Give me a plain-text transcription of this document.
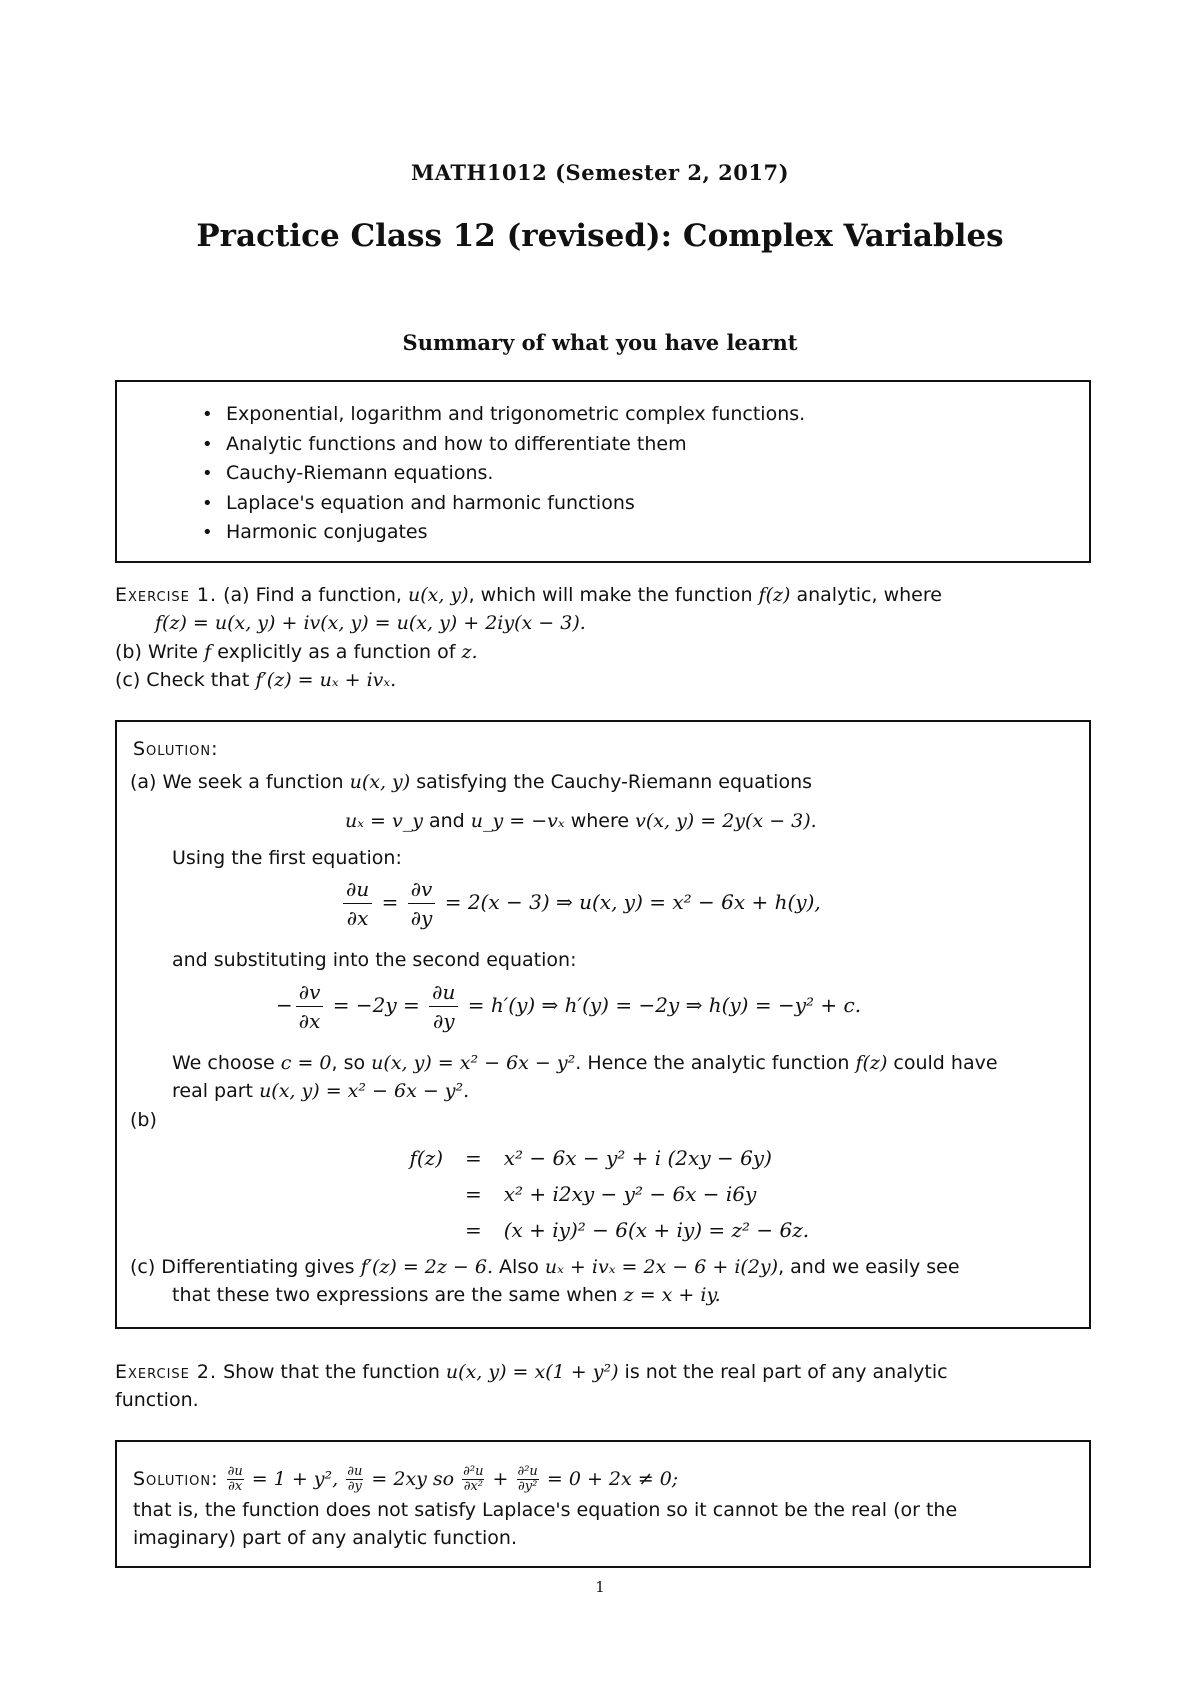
MATH1012 (Semester 2, 2017)
Practice Class 12 (revised): Complex Variables
Summary of what you have learnt
• Exponential, logarithm and trigonometric complex functions.
• Analytic functions and how to differentiate them
• Cauchy-Riemann equations.
• Laplace's equation and harmonic functions
• Harmonic conjugates
Exercise 1. (a) Find a function, u(x, y), which will make the function f(z) analytic, where
f(z) = u(x, y) + iv(x, y) = u(x, y) + 2iy(x − 3).
(b) Write f explicitly as a function of z.
(c) Check that f′(z) = uₓ + ivₓ.
Solution:
(a) We seek a function u(x, y) satisfying the Cauchy-Riemann equations
uₓ = v_y and u_y = −vₓ where v(x, y) = 2y(x − 3).
Using the first equation:
$\frac{\partial u}{\partial x} = \frac{\partial v}{\partial y} = 2(x - 3)$ ⇒ u(x, y) = x² − 6x + h(y),
and substituting into the second equation:
− $\frac{\partial v}{\partial x} = -2y = \frac{\partial u}{\partial y} = h'(y)$ ⇒ h′(y) = −2y ⇒ h(y) = −y² + c.
We choose c = 0, so u(x, y) = x² − 6x − y². Hence the analytic function f(z) could have
real part u(x, y) = x² − 6x − y².
(b)
f(z) = x² − 6x − y² + i (2xy − 6y)
= x² + i2xy − y² − 6x − i6y
= (x + iy)² − 6(x + iy) = z² − 6z.
(c) Differentiating gives f′(z) = 2z − 6. Also uₓ + ivₓ = 2x − 6 + i(2y), and we easily see
that these two expressions are the same when z = x + iy.
Exercise 2. Show that the function u(x, y) = x(1 + y²) is not the real part of any analytic
function.
Solution: $\frac{\partial u}{\partial x} = 1 + y^2$, $\frac{\partial u}{\partial y} = 2xy$ so $\frac{\text{∂²u}}{\text{∂x²}} + \frac{\text{∂²u}}{\text{∂y²}} = 0 + 2x \ne 0$;
that is, the function does not satisfy Laplace's equation so it cannot be the real (or the
imaginary) part of any analytic function.
1
